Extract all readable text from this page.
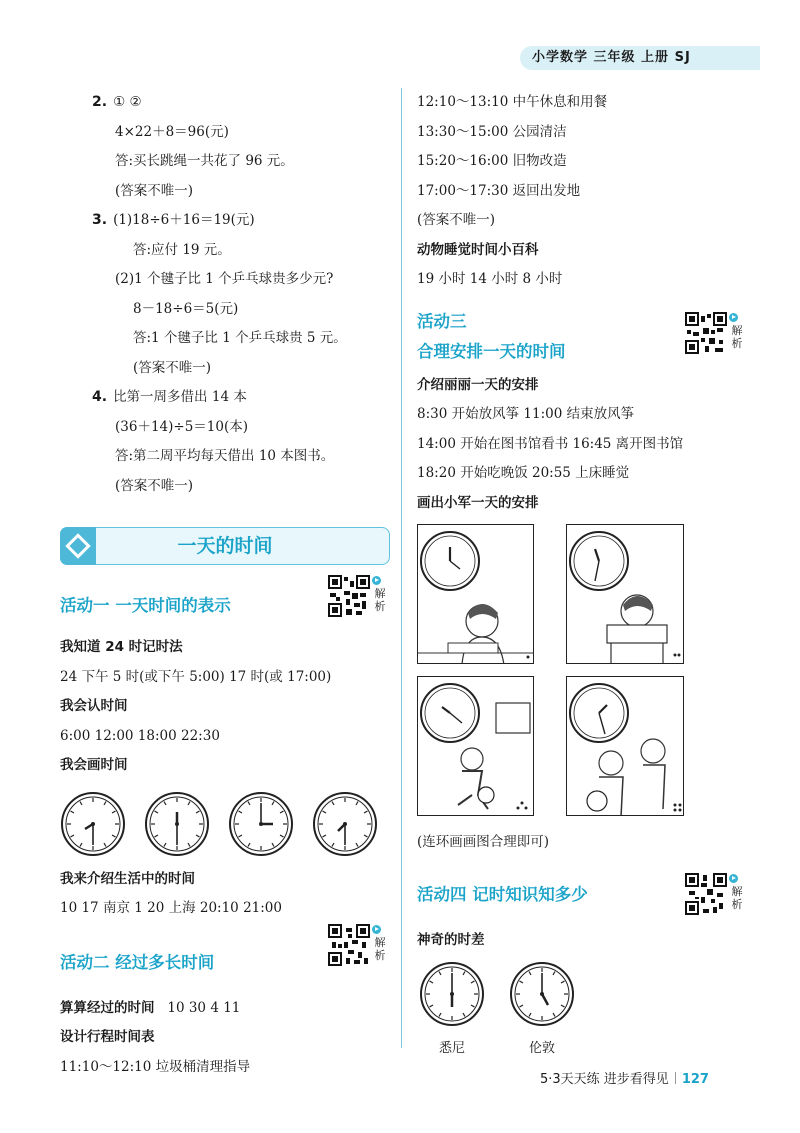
小学数学 三年级 上册 SJ
2. ① ②
4×22＋8＝96(元)
答:买长跳绳一共花了 96 元。
(答案不唯一)
3. (1)18÷6＋16＝19(元)
答:应付 19 元。
(2)1 个毽子比 1 个乒乓球贵多少元?
8－18÷6＝5(元)
答:1 个毽子比 1 个乒乓球贵 5 元。
(答案不唯一)
4. 比第一周多借出 14 本
(36＋14)÷5＝10(本)
答:第二周平均每天借出 10 本图书。
(答案不唯一)
一天的时间
活动一 一天时间的表示
解析
我知道 24 时记时法
24 下午 5 时(或下午 5:00) 17 时(或 17:00)
我会认时间
6:00 12:00 18:00 22:30
我会画时间
我来介绍生活中的时间
10 17 南京 1 20 上海 20:10 21:00
活动二 经过多长时间
解析
算算经过的时间 10 30 4 11
设计行程时间表
11:10～12:10 垃圾桶清理指导
12:10～13:10 中午休息和用餐
13:30～15:00 公园清洁
15:20～16:00 旧物改造
17:00～17:30 返回出发地
(答案不唯一)
动物睡觉时间小百科
19 小时 14 小时 8 小时
活动三
合理安排一天的时间
解析
介绍丽丽一天的安排
8:30 开始放风筝 11:00 结束放风筝
14:00 开始在图书馆看书 16:45 离开图书馆
18:20 开始吃晚饭 20:55 上床睡觉
画出小军一天的安排
(连环画画图合理即可)
活动四 记时知识知多少	解析
神奇的时差
悉尼	伦敦
5·3天天练 进步看得见 127
